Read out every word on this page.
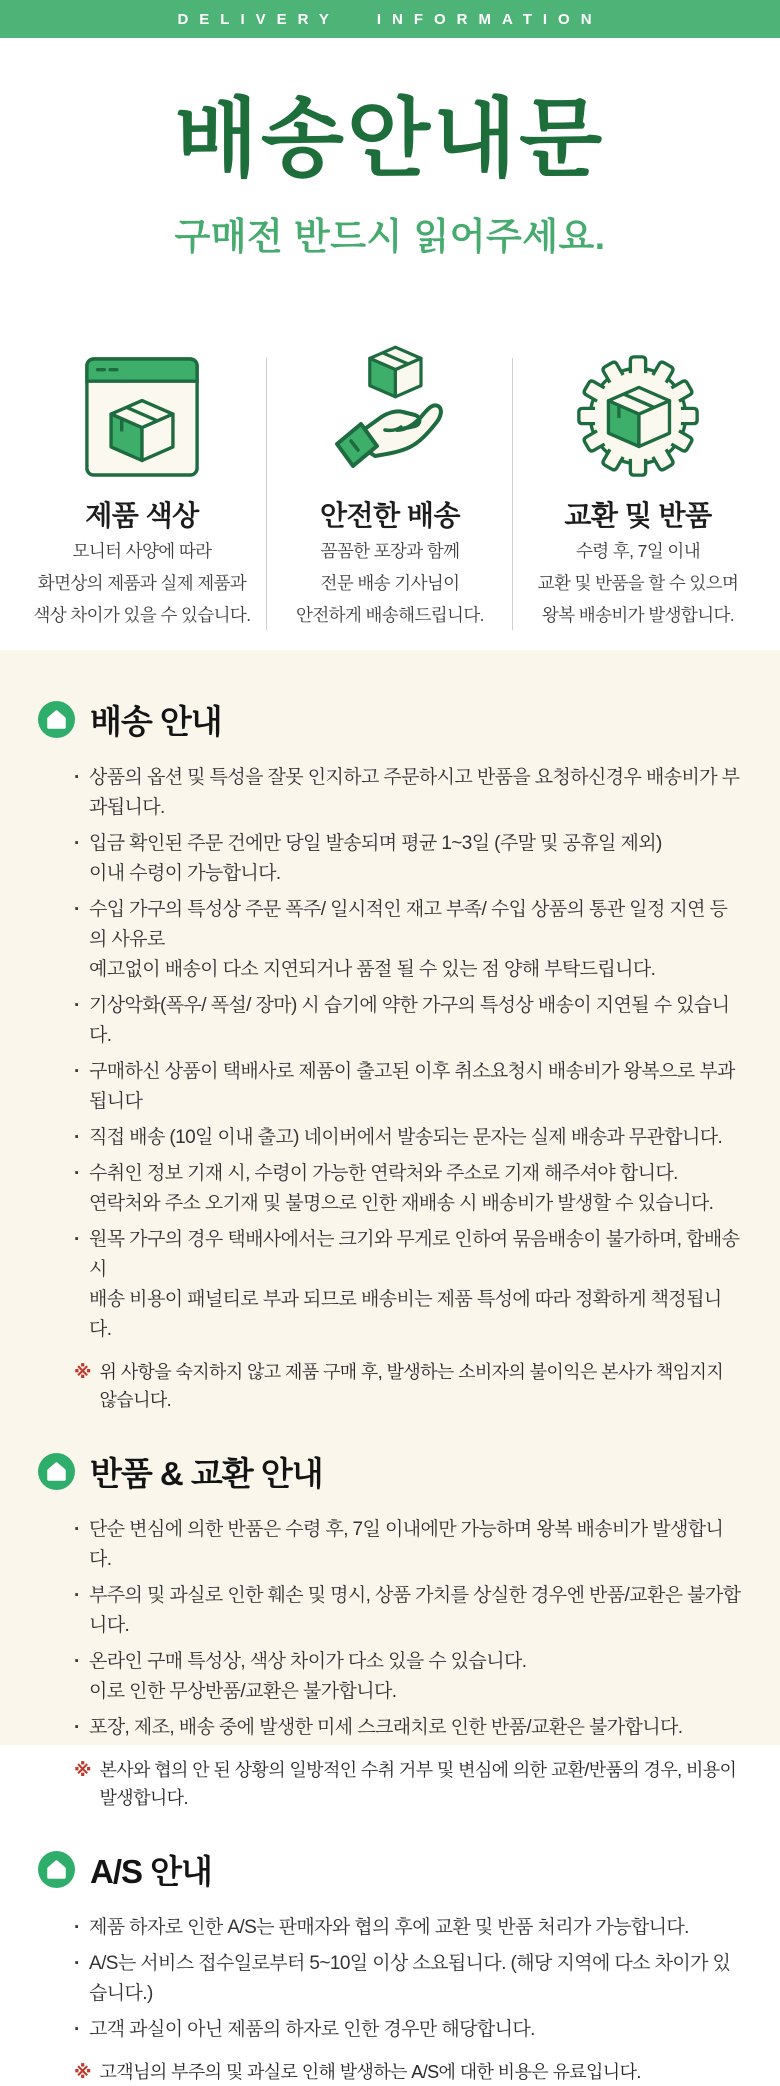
DELIVERY INFORMATION
배송안내문
구매전 반드시 읽어주세요.
제품 색상
모니터 사양에 따라
화면상의 제품과 실제 제품과
색상 차이가 있을 수 있습니다.
안전한 배송
꼼꼼한 포장과 함께
전문 배송 기사님이
안전하게 배송해드립니다.
교환 및 반품
수령 후, 7일 이내
교환 및 반품을 할 수 있으며
왕복 배송비가 발생합니다.
배송 안내
· 상품의 옵션 및 특성을 잘못 인지하고 주문하시고 반품을 요청하신경우 배송비가 부과됩니다.
· 입금 확인된 주문 건에만 당일 발송되며 평균 1~3일 (주말 및 공휴일 제외)
이내 수령이 가능합니다.
· 수입 가구의 특성상 주문 폭주/ 일시적인 재고 부족/ 수입 상품의 통관 일정 지연 등의 사유로
예고없이 배송이 다소 지연되거나 품절 될 수 있는 점 양해 부탁드립니다.
· 기상악화(폭우/ 폭설/ 장마) 시 습기에 약한 가구의 특성상 배송이 지연될 수 있습니다.
· 구매하신 상품이 택배사로 제품이 출고된 이후 취소요청시 배송비가 왕복으로 부과됩니다
· 직접 배송 (10일 이내 출고) 네이버에서 발송되는 문자는 실제 배송과 무관합니다.
· 수취인 정보 기재 시, 수령이 가능한 연락처와 주소로 기재 해주셔야 합니다.
연락처와 주소 오기재 및 불명으로 인한 재배송 시 배송비가 발생할 수 있습니다.
· 원목 가구의 경우 택배사에서는 크기와 무게로 인하여 묶음배송이 불가하며, 합배송 시
배송 비용이 패널티로 부과 되므로 배송비는 제품 특성에 따라 정확하게 책정됩니다.
※ 위 사항을 숙지하지 않고 제품 구매 후, 발생하는 소비자의 불이익은 본사가 책임지지 않습니다.
반품 & 교환 안내
· 단순 변심에 의한 반품은 수령 후, 7일 이내에만 가능하며 왕복 배송비가 발생합니다.
· 부주의 및 과실로 인한 훼손 및 명시, 상품 가치를 상실한 경우엔 반품/교환은 불가합니다.
· 온라인 구매 특성상, 색상 차이가 다소 있을 수 있습니다.
이로 인한 무상반품/교환은 불가합니다.
· 포장, 제조, 배송 중에 발생한 미세 스크래치로 인한 반품/교환은 불가합니다.
※ 본사와 협의 안 된 상황의 일방적인 수취 거부 및 변심에 의한 교환/반품의 경우, 비용이 발생합니다.
A/S 안내
· 제품 하자로 인한 A/S는 판매자와 협의 후에 교환 및 반품 처리가 가능합니다.
· A/S는 서비스 접수일로부터 5~10일 이상 소요됩니다. (해당 지역에 다소 차이가 있습니다.)
· 고객 과실이 아닌 제품의 하자로 인한 경우만 해당합니다.
※ 고객님의 부주의 및 과실로 인해 발생하는 A/S에 대한 비용은 유료입니다.
